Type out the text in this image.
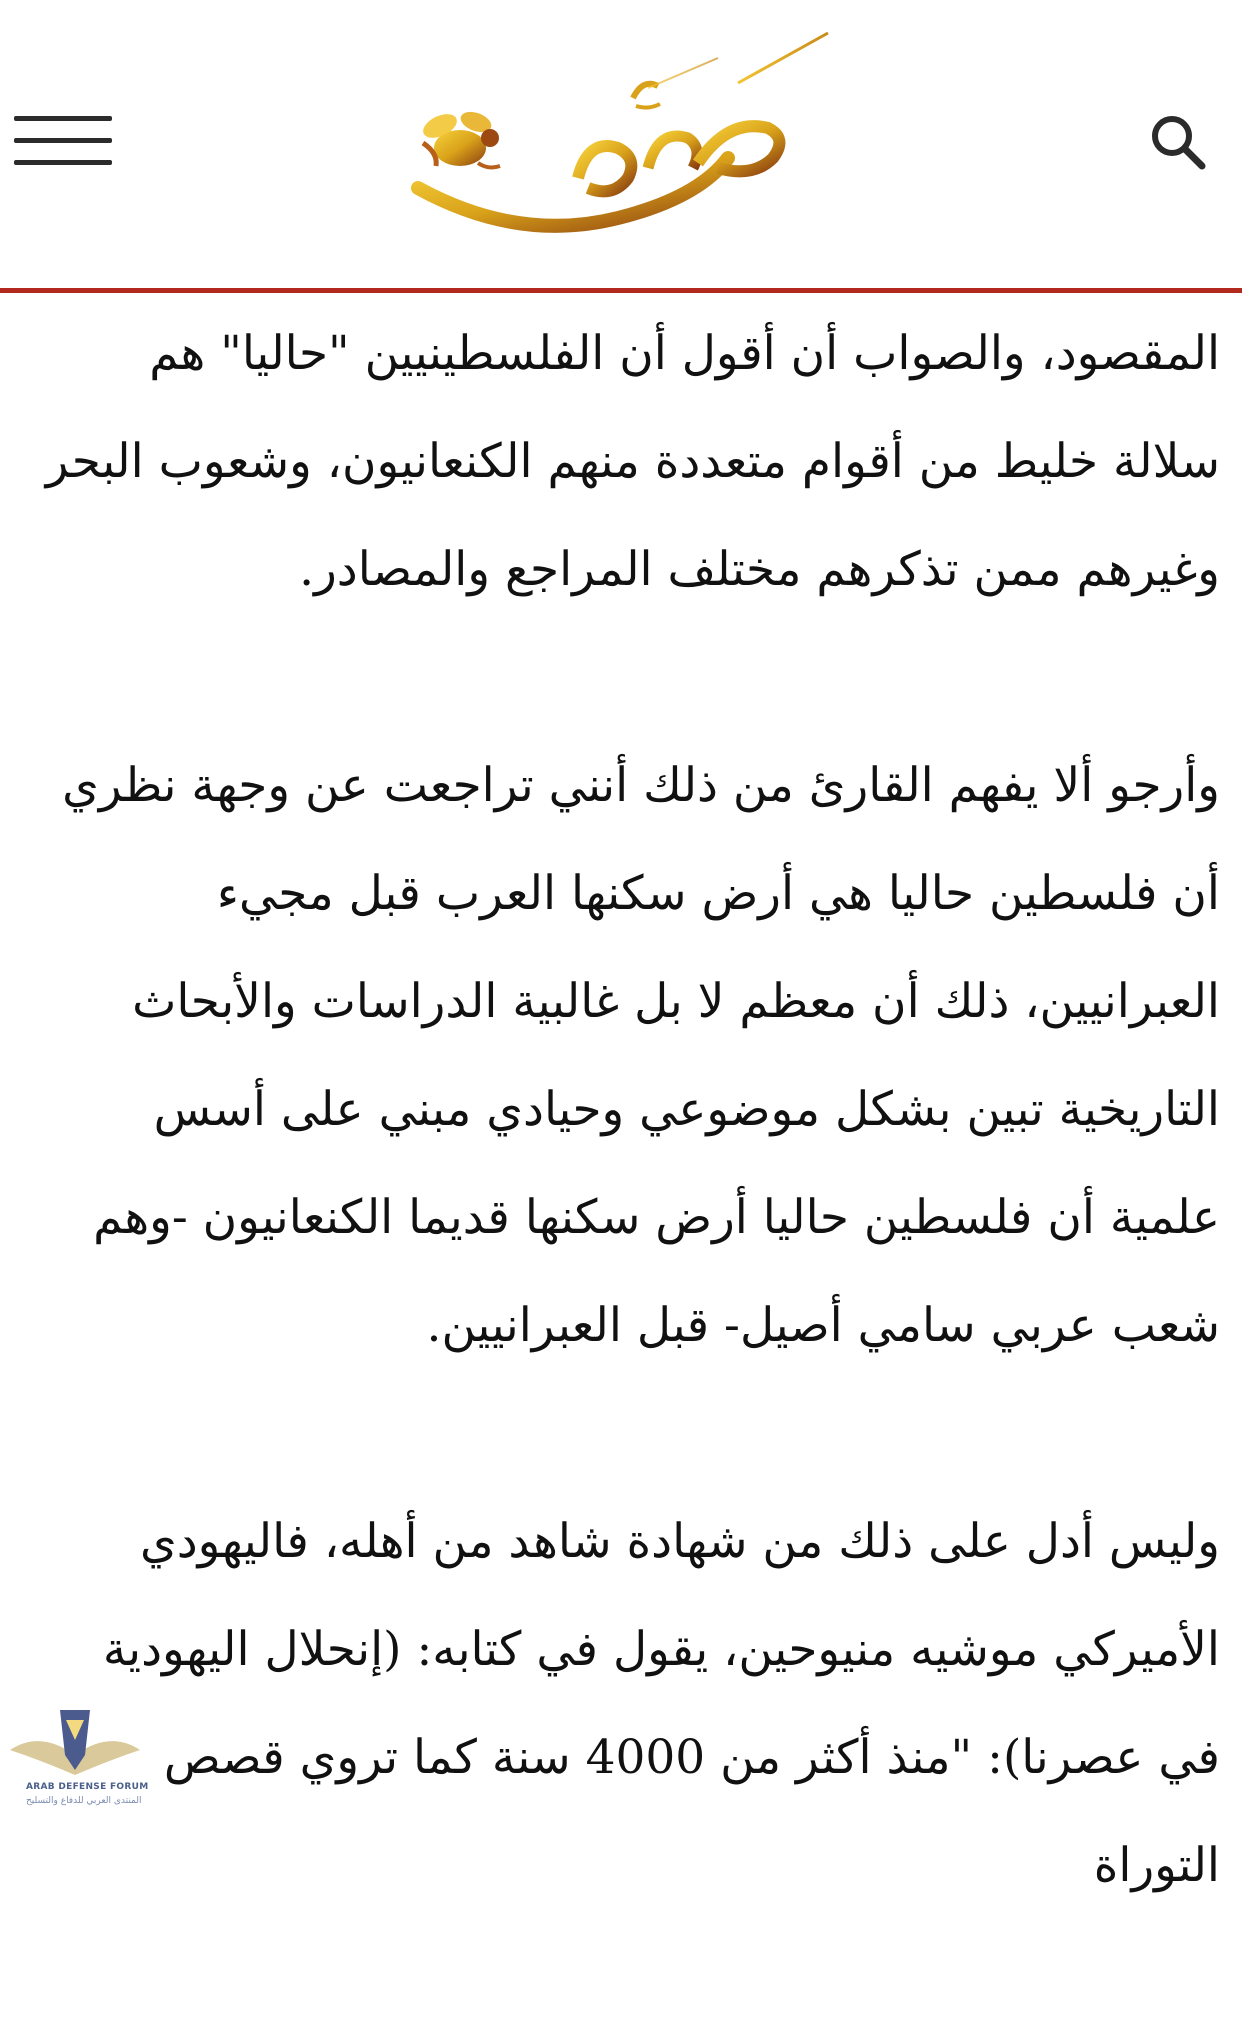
المقصود، والصواب أن أقول أن الفلسطينيين "حاليا" هم سلالة خليط من أقوام متعددة منهم الكنعانيون، وشعوب البحر وغيرهم ممن تذكرهم مختلف المراجع والمصادر.

وأرجو ألا يفهم القارئ من ذلك أنني تراجعت عن وجهة نظري أن فلسطين حاليا هي أرض سكنها العرب قبل مجيء العبرانيين، ذلك أن معظم لا بل غالبية الدراسات والأبحاث التاريخية تبين بشكل موضوعي وحيادي مبني على أسس علمية أن فلسطين حاليا أرض سكنها قديما الكنعانيون -وهم شعب عربي سامي أصيل- قبل العبرانيين.

وليس أدل على ذلك من شهادة شاهد من أهله، فاليهودي الأميركي موشيه منيوحين، يقول في كتابه: (إنحلال اليهودية في عصرنا): "منذ أكثر من 4000 سنة كما تروي قصص التوراة

ARAB DEFENSE FORUM
المنتدى العربي للدفاع والتسليح
